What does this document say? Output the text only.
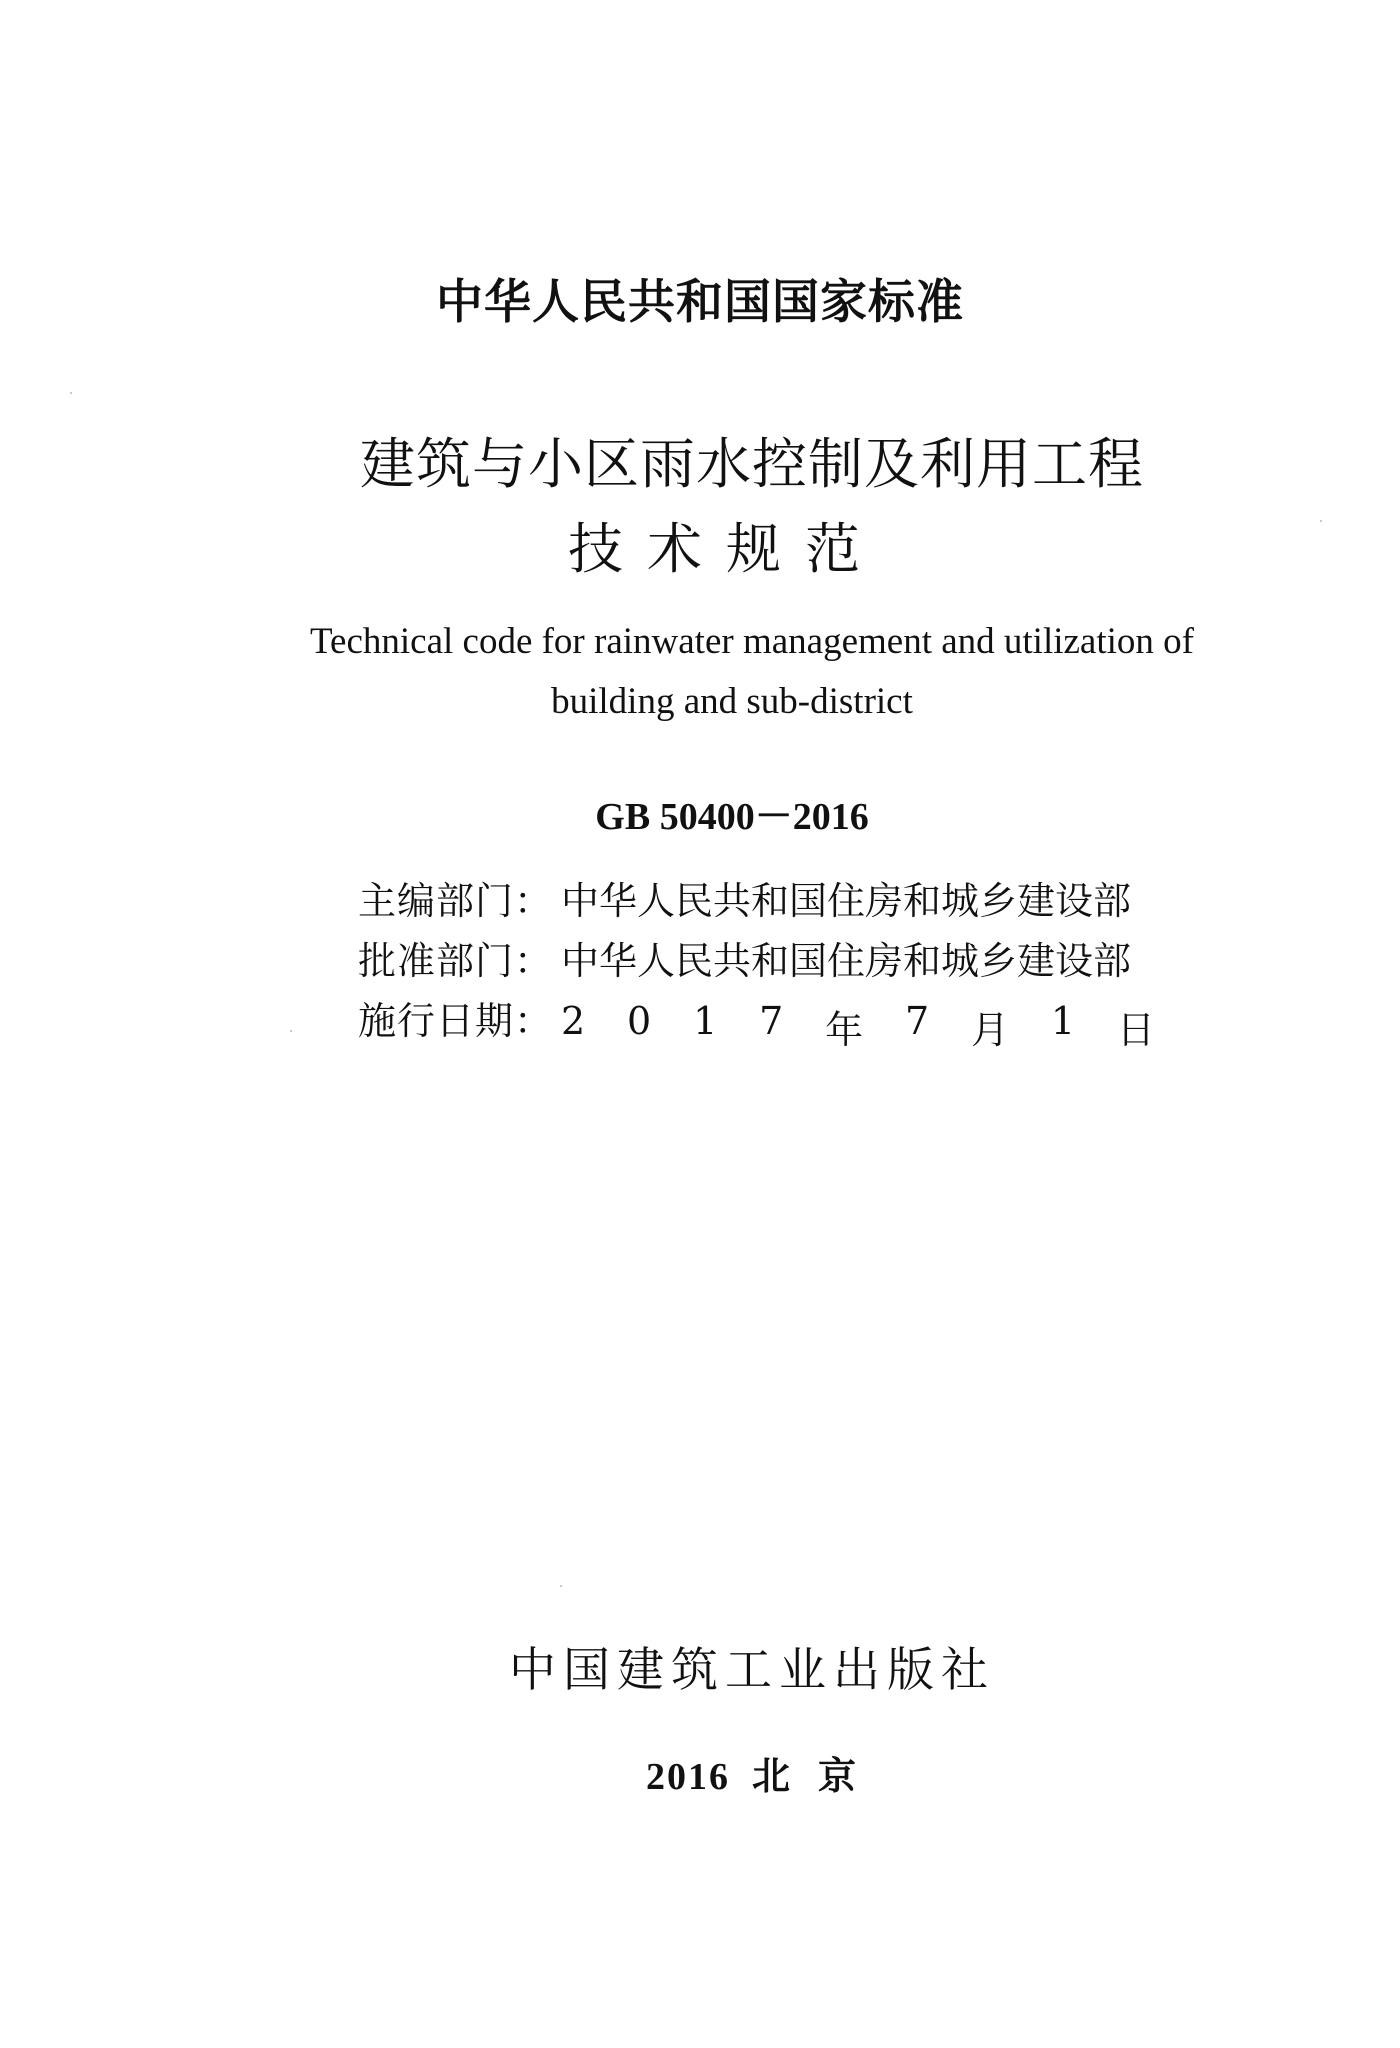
中华人民共和国国家标准
建筑与小区雨水控制及利用工程
技术规范
Technical code for rainwater management and utilization of
building and sub-district
GB 50400－2016
主编部门： 中华人民共和国住房和城乡建设部
批准部门： 中华人民共和国住房和城乡建设部
施行日期： 2 0 1 7 年 7 月 1 日
中国建筑工业出版社
2016 北京
